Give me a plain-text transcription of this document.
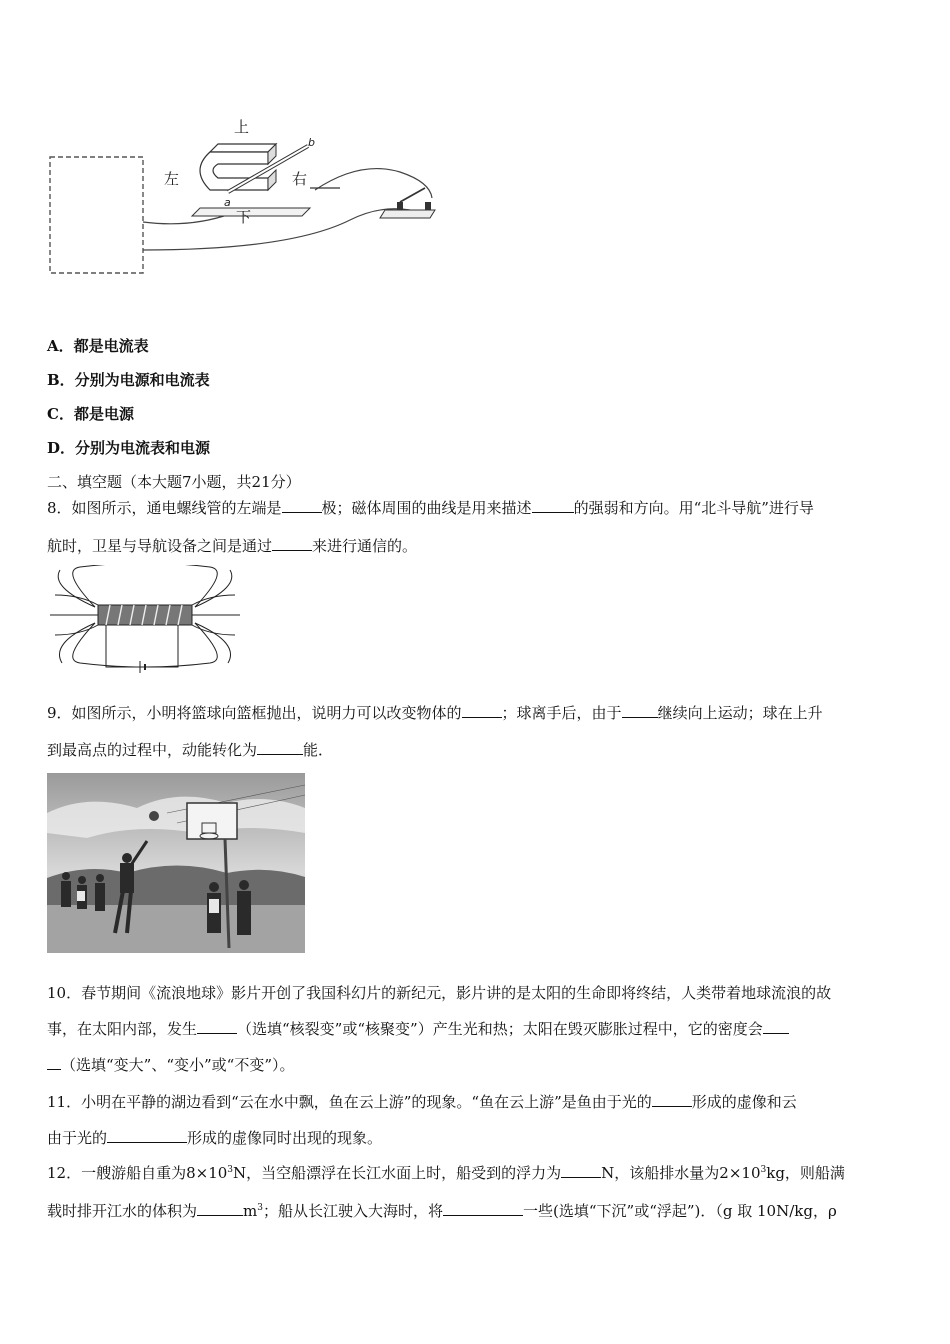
上
下
左	右
a
b
A．都是电流表
B．分别为电源和电流表
C．都是电源
D．分别为电流表和电源
二、填空题（本大题7小题，共21分）
8．如图所示，通电螺线管的左端是	极；磁体周围的曲线是用来描述	的强弱和方向。用“北斗导航”进行导
航时，卫星与导航设备之间是通过	来进行通信的。
9．如图所示，小明将篮球向篮框抛出，说明力可以改变物体的	；球离手后，由于 继续向上运动；球在上升
到最高点的过程中，动能转化为	能．
10．春节期间《流浪地球》影片开创了我国科幻片的新纪元，影片讲的是太阳的生命即将终结，人类带着地球流浪的故
事，在太阳内部，发生	（选填“核裂变”或“核聚变”）产生光和热；太阳在毁灭膨胀过程中，它的密度会
（选填“变大”、“变小”或“不变”）。
11．小明在平静的湖边看到“云在水中飘，鱼在云上游”的现象。“鱼在云上游”是鱼由于光的	形成的虚像和云
由于光的	形成的虚像同时出现的现象。
12．一艘游船自重为$8\times 10^3N$，当空船漂浮在长江水面上时，船受到的浮力为	N，该船排水量为$2\times 10^3kg$，则船满
载时排开江水的体积为	$m^3$；船从长江驶入大海时，将	一些(选填“下沉”或“浮起”)．（g 取 10N/kg，ρ
